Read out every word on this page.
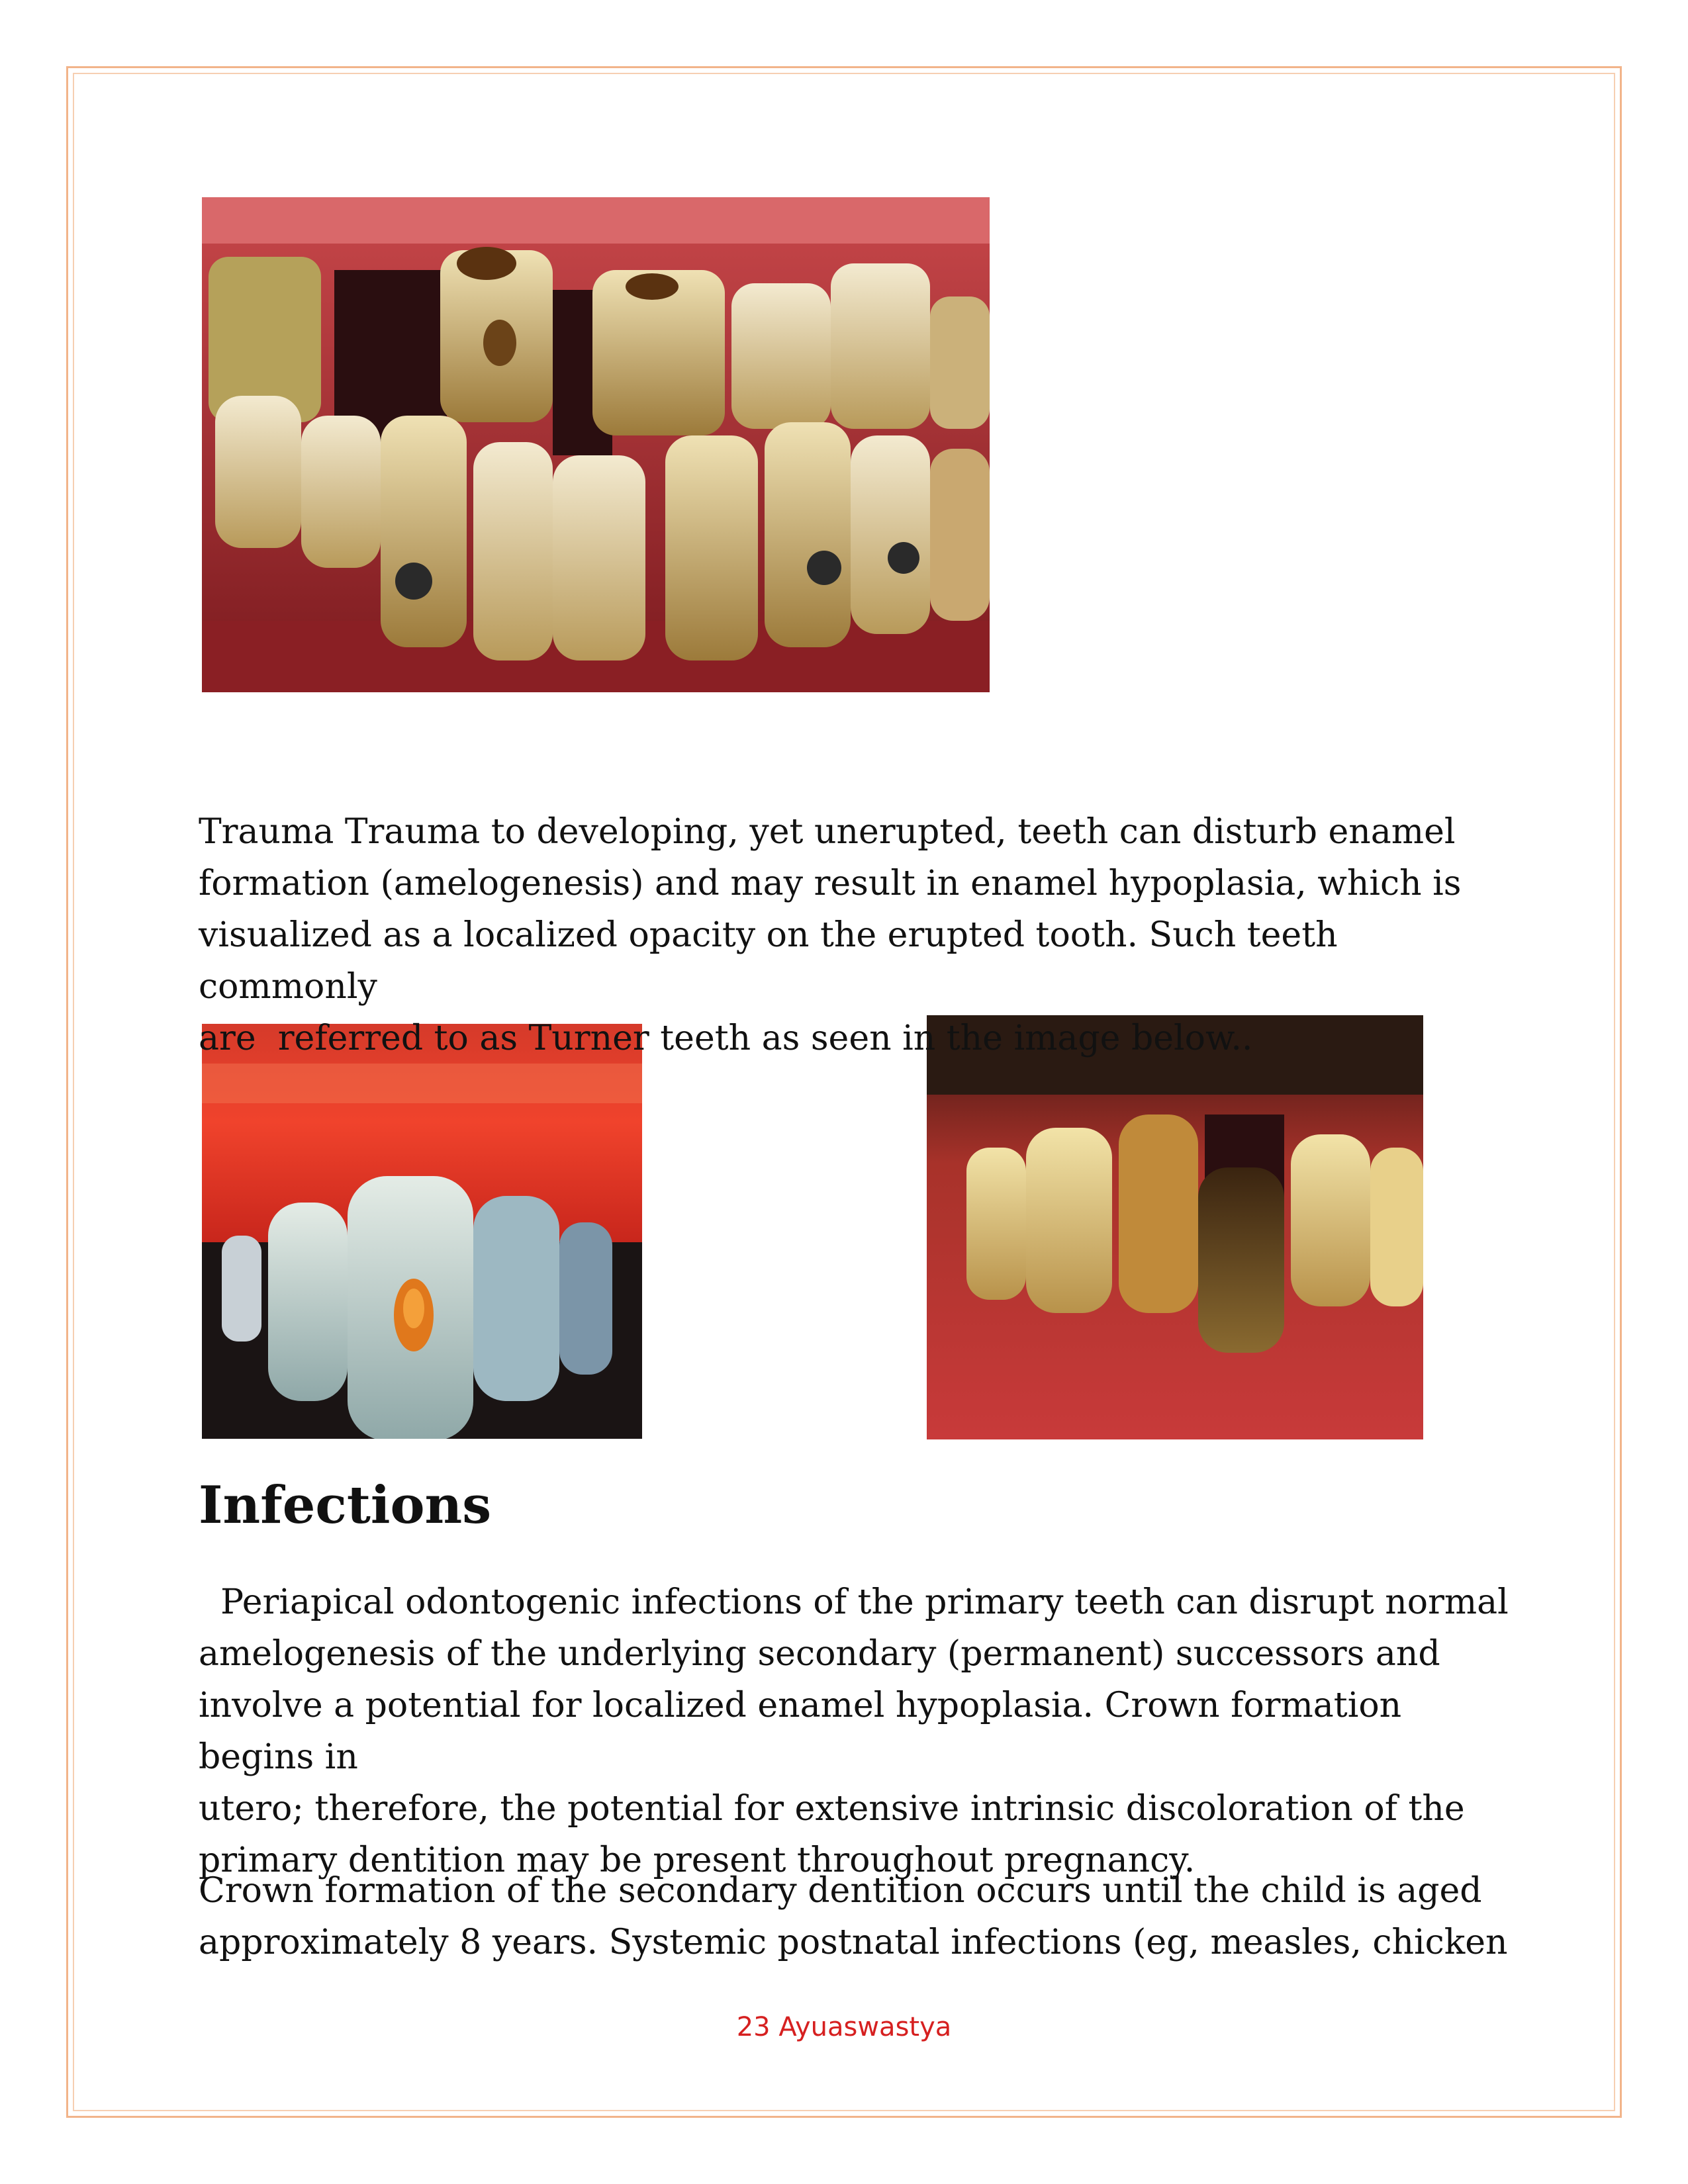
Trauma Trauma to developing, yet unerupted, teeth can disturb enamel
formation (amelogenesis) and may result in enamel hypoplasia, which is
visualized as a localized opacity on the erupted tooth. Such teeth commonly
are  referred to as Turner teeth as seen in the image below..

Infections

Periapical odontogenic infections of the primary teeth can disrupt normal
amelogenesis of the underlying secondary (permanent) successors and
involve a potential for localized enamel hypoplasia. Crown formation begins in
utero; therefore, the potential for extensive intrinsic discoloration of the
primary dentition may be present throughout pregnancy.

Crown formation of the secondary dentition occurs until the child is aged
approximately 8 years. Systemic postnatal infections (eg, measles, chicken

23 Ayuaswastya
